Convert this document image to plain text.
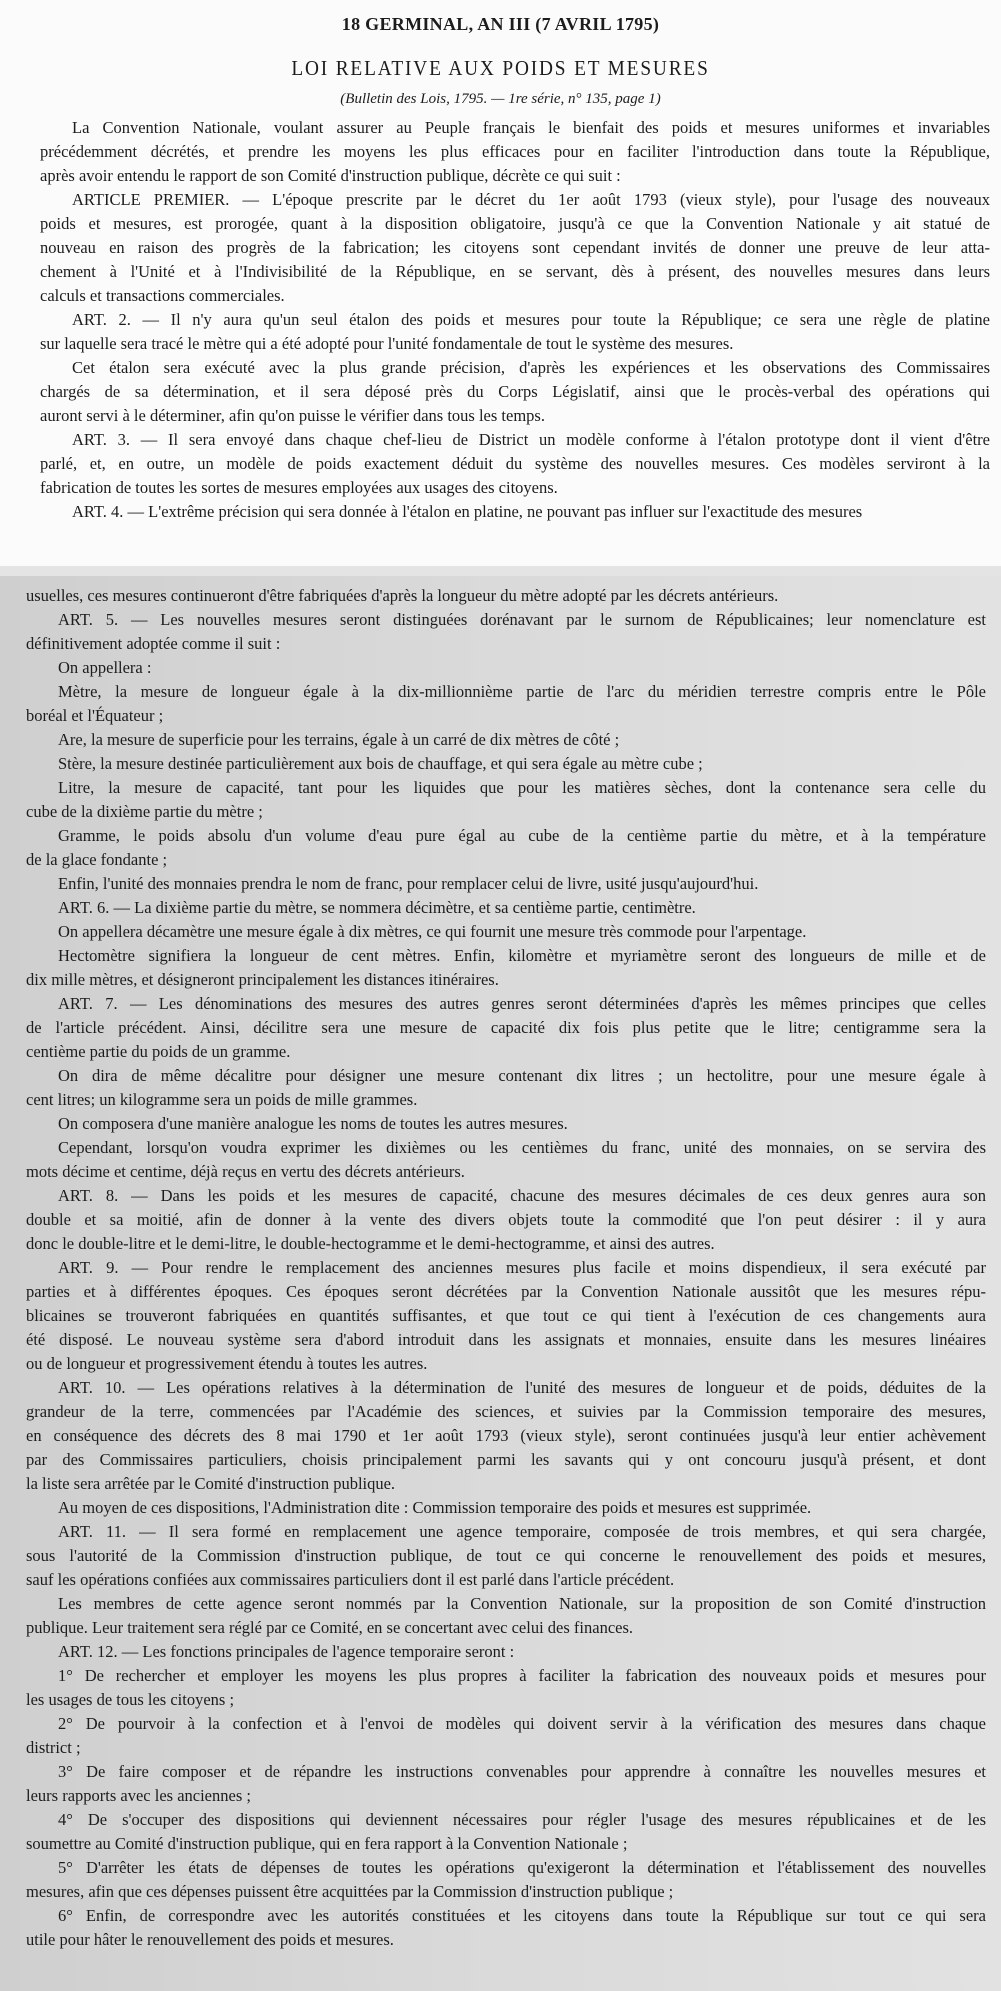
18 GERMINAL, AN III (7 AVRIL 1795)
LOI RELATIVE AUX POIDS ET MESURES
(Bulletin des Lois, 1795. — 1re série, n° 135, page 1)
La Convention Nationale, voulant assurer au Peuple français le bienfait des poids et mesures uniformes et invariables
précédemment décrétés, et prendre les moyens les plus efficaces pour en faciliter l'introduction dans toute la République,
après avoir entendu le rapport de son Comité d'instruction publique, décrète ce qui suit :
ARTICLE PREMIER. — L'époque prescrite par le décret du 1er août 1793 (vieux style), pour l'usage des nouveaux
poids et mesures, est prorogée, quant à la disposition obligatoire, jusqu'à ce que la Convention Nationale y ait statué de
nouveau en raison des progrès de la fabrication; les citoyens sont cependant invités de donner une preuve de leur atta-
chement à l'Unité et à l'Indivisibilité de la République, en se servant, dès à présent, des nouvelles mesures dans leurs
calculs et transactions commerciales.
ART. 2. — Il n'y aura qu'un seul étalon des poids et mesures pour toute la République; ce sera une règle de platine
sur laquelle sera tracé le mètre qui a été adopté pour l'unité fondamentale de tout le système des mesures.
Cet étalon sera exécuté avec la plus grande précision, d'après les expériences et les observations des Commissaires
chargés de sa détermination, et il sera déposé près du Corps Législatif, ainsi que le procès-verbal des opérations qui
auront servi à le déterminer, afin qu'on puisse le vérifier dans tous les temps.
ART. 3. — Il sera envoyé dans chaque chef-lieu de District un modèle conforme à l'étalon prototype dont il vient d'être
parlé, et, en outre, un modèle de poids exactement déduit du système des nouvelles mesures. Ces modèles serviront à la
fabrication de toutes les sortes de mesures employées aux usages des citoyens.
ART. 4. — L'extrême précision qui sera donnée à l'étalon en platine, ne pouvant pas influer sur l'exactitude des mesures
usuelles, ces mesures continueront d'être fabriquées d'après la longueur du mètre adopté par les décrets antérieurs.
ART. 5. — Les nouvelles mesures seront distinguées dorénavant par le surnom de Républicaines; leur nomenclature est
définitivement adoptée comme il suit :
On appellera :
Mètre, la mesure de longueur égale à la dix-millionnième partie de l'arc du méridien terrestre compris entre le Pôle
boréal et l'Équateur ;
Are, la mesure de superficie pour les terrains, égale à un carré de dix mètres de côté ;
Stère, la mesure destinée particulièrement aux bois de chauffage, et qui sera égale au mètre cube ;
Litre, la mesure de capacité, tant pour les liquides que pour les matières sèches, dont la contenance sera celle du
cube de la dixième partie du mètre ;
Gramme, le poids absolu d'un volume d'eau pure égal au cube de la centième partie du mètre, et à la température
de la glace fondante ;
Enfin, l'unité des monnaies prendra le nom de franc, pour remplacer celui de livre, usité jusqu'aujourd'hui.
ART. 6. — La dixième partie du mètre, se nommera décimètre, et sa centième partie, centimètre.
On appellera décamètre une mesure égale à dix mètres, ce qui fournit une mesure très commode pour l'arpentage.
Hectomètre signifiera la longueur de cent mètres. Enfin, kilomètre et myriamètre seront des longueurs de mille et de
dix mille mètres, et désigneront principalement les distances itinéraires.
ART. 7. — Les dénominations des mesures des autres genres seront déterminées d'après les mêmes principes que celles
de l'article précédent. Ainsi, décilitre sera une mesure de capacité dix fois plus petite que le litre; centigramme sera la
centième partie du poids de un gramme.
On dira de même décalitre pour désigner une mesure contenant dix litres ; un hectolitre, pour une mesure égale à
cent litres; un kilogramme sera un poids de mille grammes.
On composera d'une manière analogue les noms de toutes les autres mesures.
Cependant, lorsqu'on voudra exprimer les dixièmes ou les centièmes du franc, unité des monnaies, on se servira des
mots décime et centime, déjà reçus en vertu des décrets antérieurs.
ART. 8. — Dans les poids et les mesures de capacité, chacune des mesures décimales de ces deux genres aura son
double et sa moitié, afin de donner à la vente des divers objets toute la commodité que l'on peut désirer : il y aura
donc le double-litre et le demi-litre, le double-hectogramme et le demi-hectogramme, et ainsi des autres.
ART. 9. — Pour rendre le remplacement des anciennes mesures plus facile et moins dispendieux, il sera exécuté par
parties et à différentes époques. Ces époques seront décrétées par la Convention Nationale aussitôt que les mesures répu-
blicaines se trouveront fabriquées en quantités suffisantes, et que tout ce qui tient à l'exécution de ces changements aura
été disposé. Le nouveau système sera d'abord introduit dans les assignats et monnaies, ensuite dans les mesures linéaires
ou de longueur et progressivement étendu à toutes les autres.
ART. 10. — Les opérations relatives à la détermination de l'unité des mesures de longueur et de poids, déduites de la
grandeur de la terre, commencées par l'Académie des sciences, et suivies par la Commission temporaire des mesures,
en conséquence des décrets des 8 mai 1790 et 1er août 1793 (vieux style), seront continuées jusqu'à leur entier achèvement
par des Commissaires particuliers, choisis principalement parmi les savants qui y ont concouru jusqu'à présent, et dont
la liste sera arrêtée par le Comité d'instruction publique.
Au moyen de ces dispositions, l'Administration dite : Commission temporaire des poids et mesures est supprimée.
ART. 11. — Il sera formé en remplacement une agence temporaire, composée de trois membres, et qui sera chargée,
sous l'autorité de la Commission d'instruction publique, de tout ce qui concerne le renouvellement des poids et mesures,
sauf les opérations confiées aux commissaires particuliers dont il est parlé dans l'article précédent.
Les membres de cette agence seront nommés par la Convention Nationale, sur la proposition de son Comité d'instruction
publique. Leur traitement sera réglé par ce Comité, en se concertant avec celui des finances.
ART. 12. — Les fonctions principales de l'agence temporaire seront :
1° De rechercher et employer les moyens les plus propres à faciliter la fabrication des nouveaux poids et mesures pour
les usages de tous les citoyens ;
2° De pourvoir à la confection et à l'envoi de modèles qui doivent servir à la vérification des mesures dans chaque
district ;
3° De faire composer et de répandre les instructions convenables pour apprendre à connaître les nouvelles mesures et
leurs rapports avec les anciennes ;
4° De s'occuper des dispositions qui deviennent nécessaires pour régler l'usage des mesures républicaines et de les
soumettre au Comité d'instruction publique, qui en fera rapport à la Convention Nationale ;
5° D'arrêter les états de dépenses de toutes les opérations qu'exigeront la détermination et l'établissement des nouvelles
mesures, afin que ces dépenses puissent être acquittées par la Commission d'instruction publique ;
6° Enfin, de correspondre avec les autorités constituées et les citoyens dans toute la République sur tout ce qui sera
utile pour hâter le renouvellement des poids et mesures.
